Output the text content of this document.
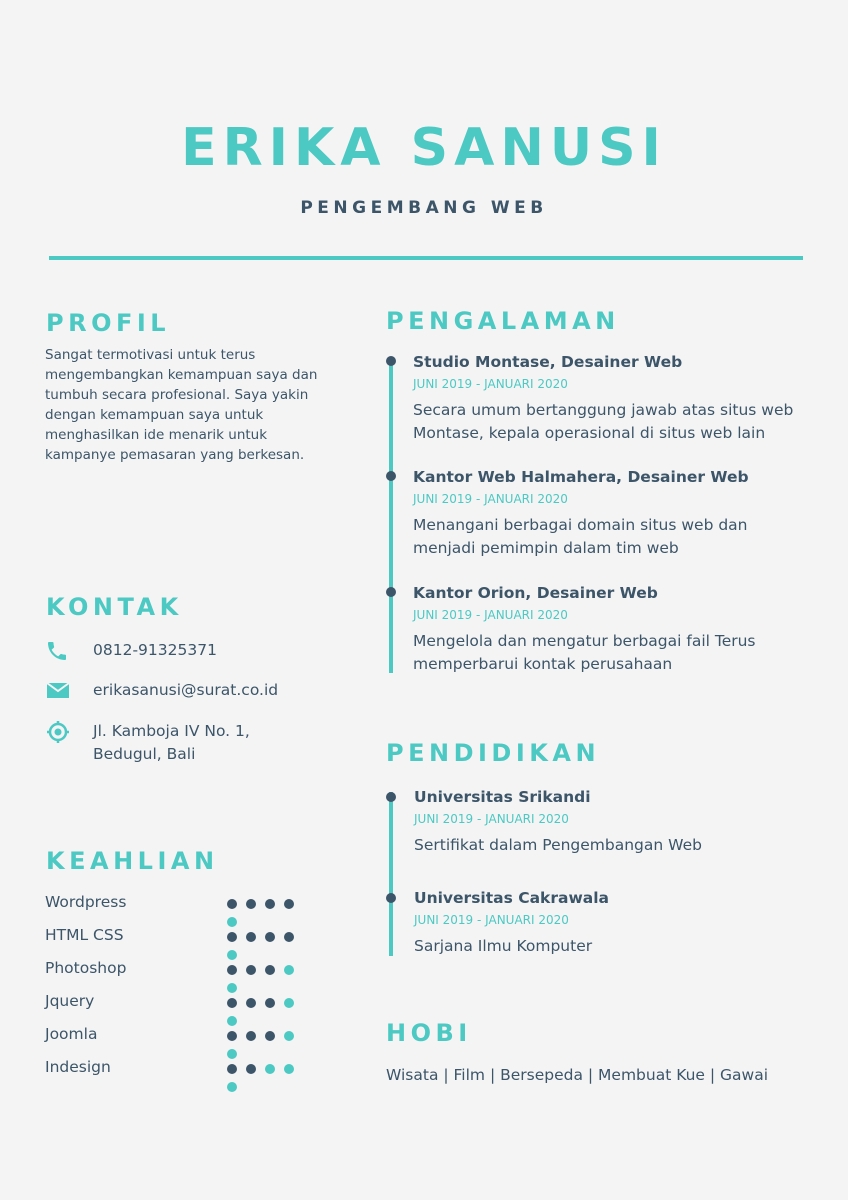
ERIKA SANUSI
PENGEMBANG WEB
PROFIL
Sangat termotivasi untuk terus mengembangkan kemampuan saya dan tumbuh secara profesional. Saya yakin dengan kemampuan saya untuk menghasilkan ide menarik untuk kampanye pemasaran yang berkesan.
KONTAK
0812-91325371
erikasanusi@surat.co.id
Jl. Kamboja IV No. 1,
Bedugul, Bali
KEAHLIAN
Wordpress
HTML CSS
Photoshop
Jquery
Joomla
Indesign
PENGALAMAN
Studio Montase, Desainer Web
JUNI 2019 - JANUARI 2020
Secara umum bertanggung jawab atas situs web
Montase, kepala operasional di situs web lain
Kantor Web Halmahera, Desainer Web
JUNI 2019 - JANUARI 2020
Menangani berbagai domain situs web dan
menjadi pemimpin dalam tim web
Kantor Orion, Desainer Web
JUNI 2019 - JANUARI 2020
Mengelola dan mengatur berbagai fail Terus
memperbarui kontak perusahaan
PENDIDIKAN
Universitas Srikandi
JUNI 2019 - JANUARI 2020
Sertifikat dalam Pengembangan Web
Universitas Cakrawala
JUNI 2019 - JANUARI 2020
Sarjana Ilmu Komputer
HOBI
Wisata | Film | Bersepeda | Membuat Kue | Gawai
